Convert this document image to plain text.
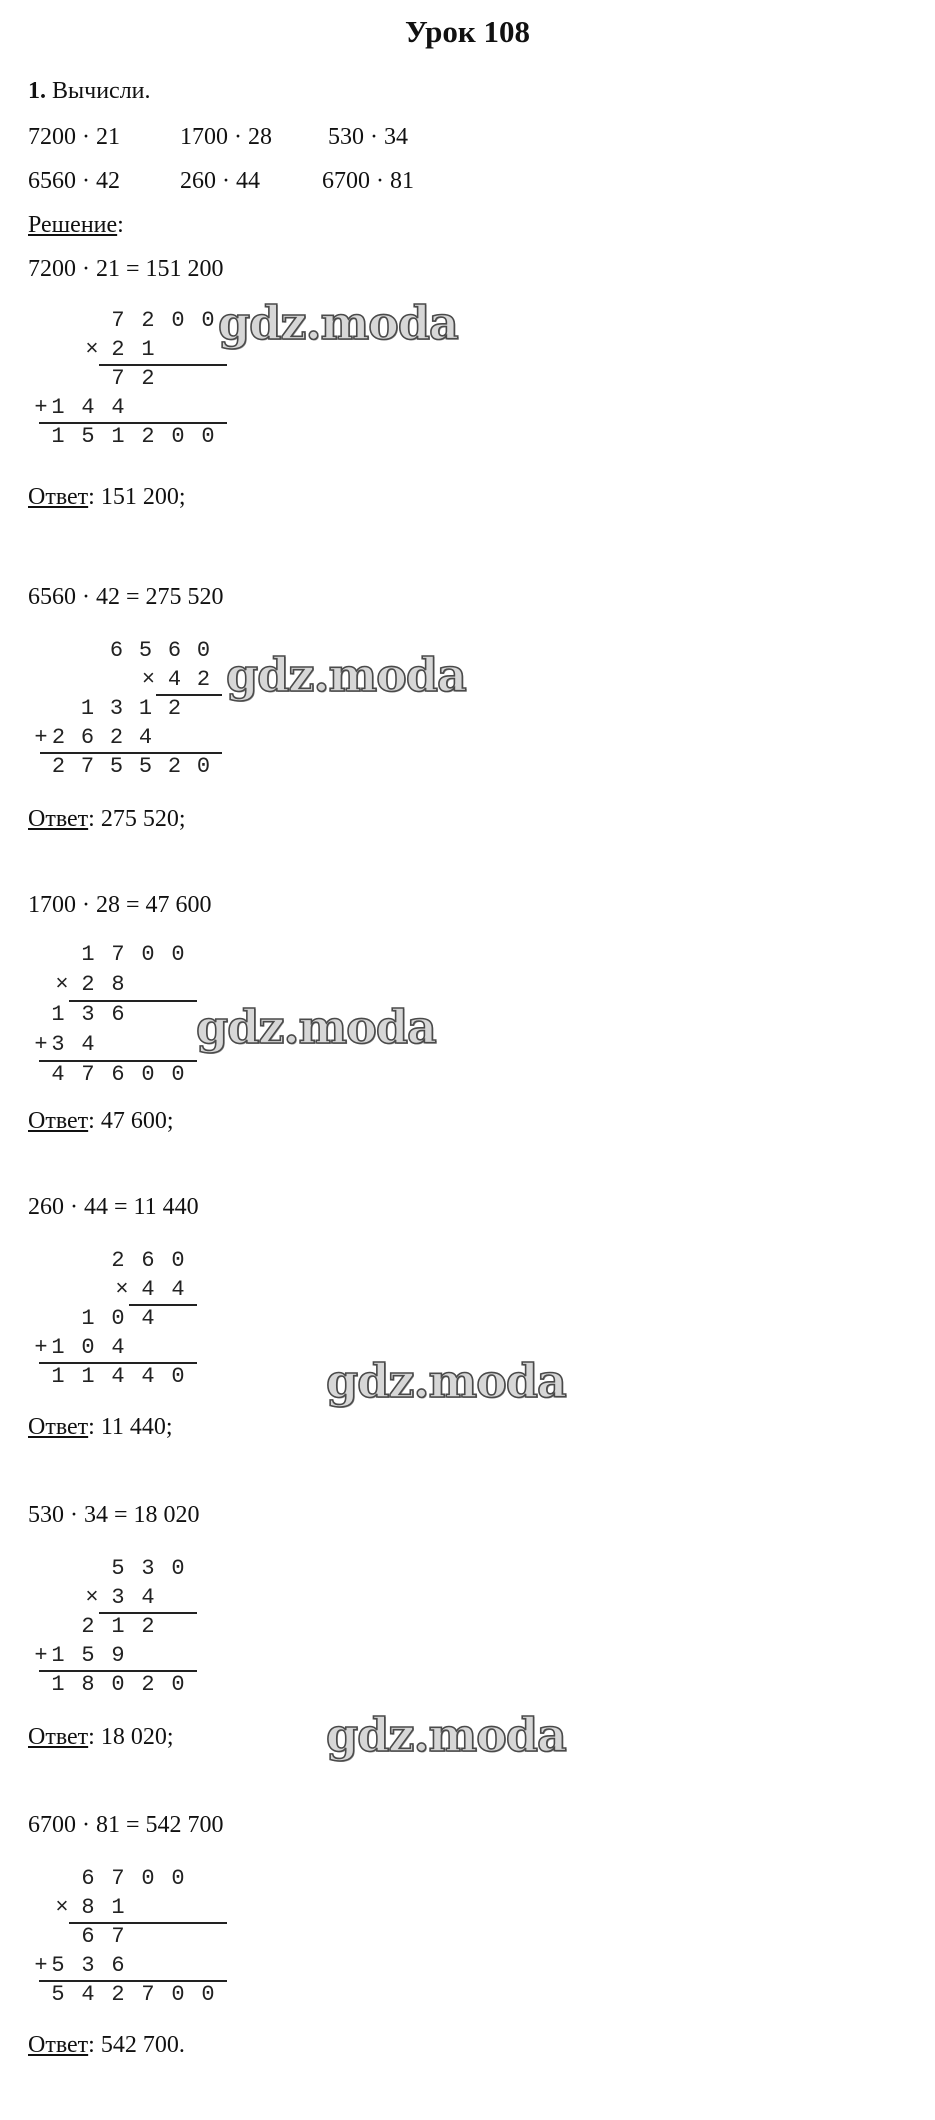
Урок 108
1. Вычисли.
7200 · 21	1700 · 28 530 · 34
6560 · 42	260 · 44	6700 · 81
Решение:
7200 · 21 = 151 200
7 2 0 0
2 1
×
7 2
1 4 4
+
1 5 1 2 0 0
Ответ: 151 200;
6560 · 42 = 275 520
6 5 6 0
4 2
×
1 3 1 2
2 6 2 4
+
2 7 5 5 2 0
Ответ: 275 520;
1700 · 28 = 47 600
1 7 0 0
2 8
×
1 3 6
3 4
+
4 7 6 0 0
Ответ: 47 600;
260 · 44 = 11 440
2 6 0
4 4
×
1 0 4
1 0 4
+
1 1 4 4 0
Ответ: 11 440;
530 · 34 = 18 020
5 3 0
3 4
×
2 1 2
1 5 9
+
1 8 0 2 0
Ответ: 18 020;
6700 · 81 = 542 700
6 7 0 0
8 1
×
6 7
5 3 6
+
5 4 2 7 0 0
Ответ: 542 700.
gdz.moda
gdz.moda
gdz.moda
gdz.moda
gdz.moda
